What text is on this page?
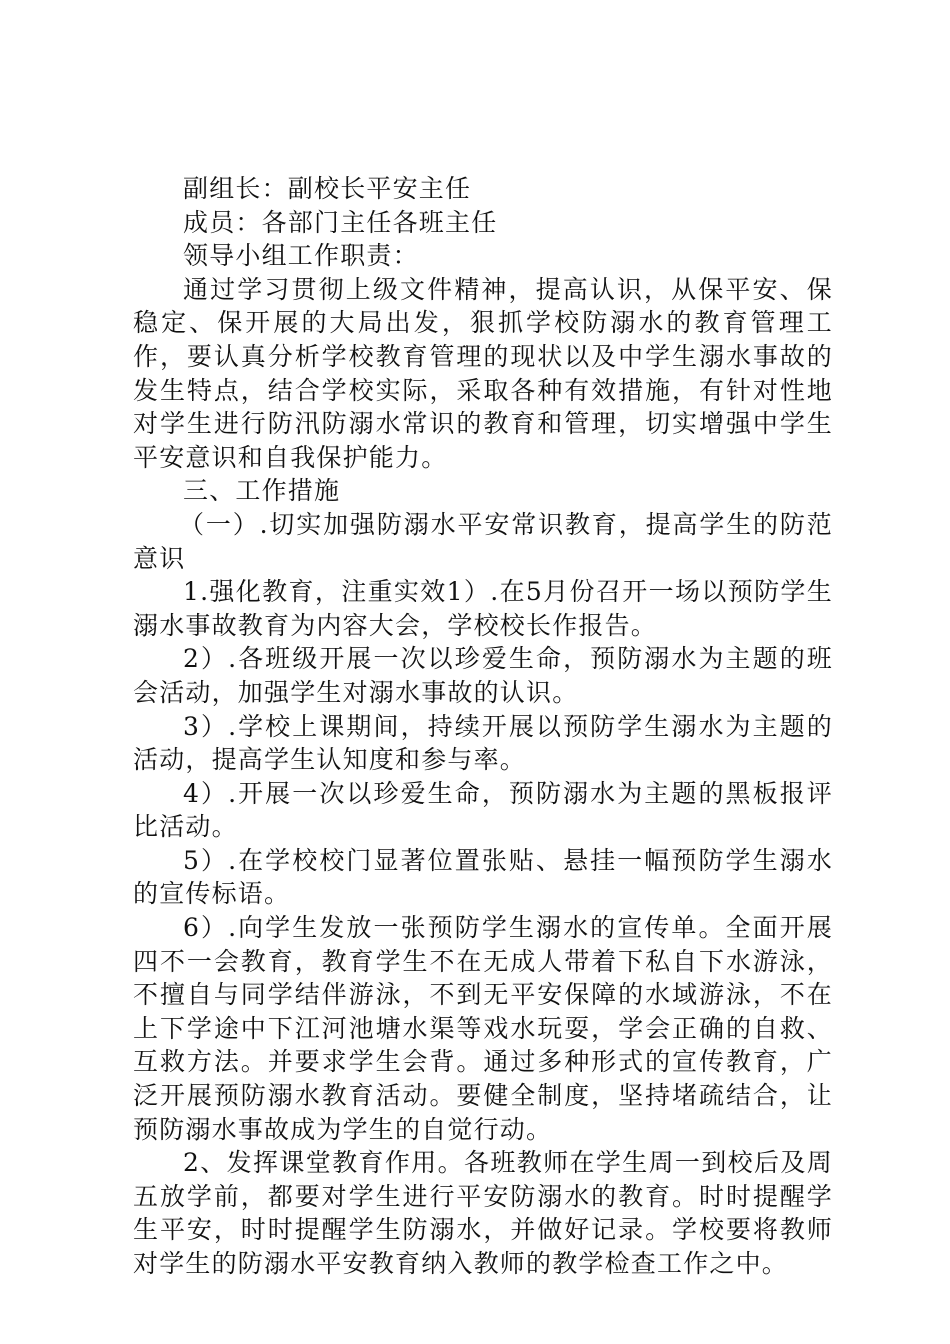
副组长：副校长平安主任

成员：各部门主任各班主任

领导小组工作职责：

通过学习贯彻上级文件精神，提高认识，从保平安、保稳定、保开展的大局出发，狠抓学校防溺水的教育管理工作，要认真分析学校教育管理的现状以及中学生溺水事故的发生特点，结合学校实际，采取各种有效措施，有针对性地对学生进行防汛防溺水常识的教育和管理，切实增强中学生平安意识和自我保护能力。

三、工作措施

（一）.切实加强防溺水平安常识教育，提高学生的防范意识

1.强化教育，注重实效1）.在5月份召开一场以预防学生溺水事故教育为内容大会，学校校长作报告。

2）.各班级开展一次以珍爱生命，预防溺水为主题的班会活动，加强学生对溺水事故的认识。

3）.学校上课期间，持续开展以预防学生溺水为主题的活动，提高学生认知度和参与率。

4）.开展一次以珍爱生命，预防溺水为主题的黑板报评比活动。

5）.在学校校门显著位置张贴、悬挂一幅预防学生溺水的宣传标语。

6）.向学生发放一张预防学生溺水的宣传单。全面开展四不一会教育，教育学生不在无成人带着下私自下水游泳，不擅自与同学结伴游泳，不到无平安保障的水域游泳，不在上下学途中下江河池塘水渠等戏水玩耍，学会正确的自救、互救方法。并要求学生会背。通过多种形式的宣传教育，广泛开展预防溺水教育活动。要健全制度，坚持堵疏结合，让预防溺水事故成为学生的自觉行动。

2、发挥课堂教育作用。各班教师在学生周一到校后及周五放学前，都要对学生进行平安防溺水的教育。时时提醒学生平安，时时提醒学生防溺水，并做好记录。学校要将教师对学生的防溺水平安教育纳入教师的教学检查工作之中。
